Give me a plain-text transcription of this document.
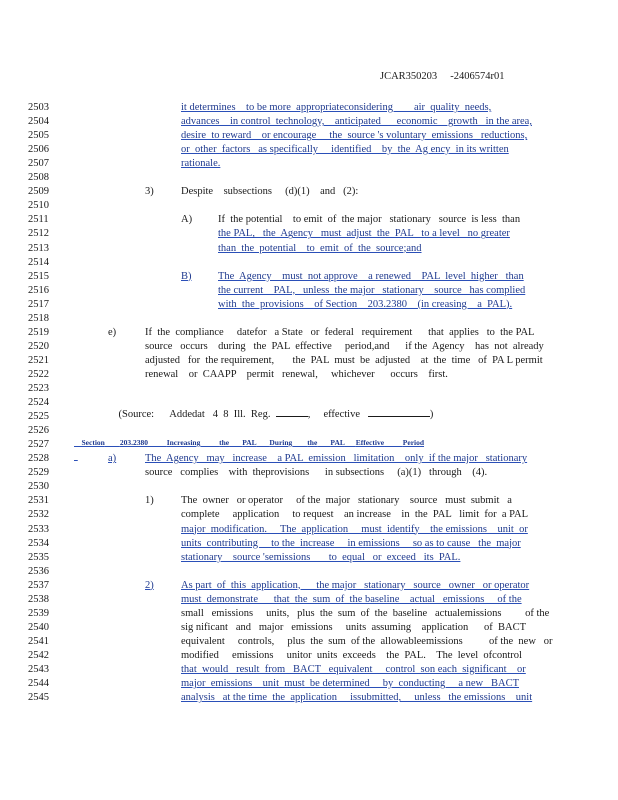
JCAR350203     -2406574r01
2503	it determines    to be more  appropriateconsidering        air  quality  needs,
2504	advances    in control  technology,    anticipated      economic    growth   in the area,
2505	desire  to reward    or encourage     the  source 's voluntary  emissions   reductions,
2506	or  other  factors   as specifically     identified    by  the  Ag ency  in its written
2507	rationale.
2508
2509	3)	Despite    subsections     (d)(1)    and   (2):
2510
2511	A) If  the potential    to emit  of  the major   stationary   source  is less  than
2512	the PAL,   the  Agency   must  adjust  the  PAL   to a level   no greater
2513	than  the  potential    to  emit  of  the  source;and
2514
2515	B)	The  Agency    must  not approve    a renewed    PAL  level  higher   than
2516	the current    PAL,   unless  the major   stationary    source   has complied
2517	with  the  provisions    of Section    203.2380    (in creasing    a  PAL).
2518
2519	e)	If  the  compliance     datefor   a State   or  federal   requirement      that  applies   to  the PAL
2520	source   occurs    during   the  PAL  effective     period,and      if the  Agency    has  not  already
2521	adjusted   for  the requirement,       the  PAL  must  be  adjusted    at  the  time   of  PA L permit
2522	renewal    or  CAAPP    permit   renewal,     whichever      occurs    first.
2523
2524
2525
2526
2527
2528	a)	The  Agency   may   increase    a PAL  emission   limitation    only  if the major   stationary
2529	source   complies    with  theprovisions      in subsections     (a)(1)   through    (4).
2530
2531	1)	The  owner   or operator     of the  major   stationary    source   must  submit   a
2532	complete     application     to request    an increase    in  the  PAL   limit  for  a PAL
2533	major  modification.     The  application     must  identify    the emissions    unit  or
2534	units  contributing     to the  increase     in emissions     so as to cause   the  major
2535	stationary    source 'semissions       to  equal   or  exceed   its  PAL.
2536
2537	2)	As part  of  this  application,      the major   stationary   source   owner   or operator
2538	must  demonstrate      that  the  sum  of  the baseline    actual   emissions     of the
2539	small   emissions     units,   plus  the  sum  of  the  baseline   actualemissions         of the
2540	sig nificant   and   major   emissions     units  assuming    application      of  BACT
2541	equivalent     controls,     plus  the  sum  of the  allowableemissions          of the  new   or
2542	modified     emissions     unitor  units  exceeds    the  PAL.    The  level  ofcontrol
2543	that  would   result  from   BACT   equivalent     control  son each  significant    or
2544	major  emissions    unit  must  be determined     by  conducting     a new   BACT
2545	analysis   at the time  the  application     issubmitted,     unless   the emissions    unit

(Source: Addedat   4  8  Ill.  Reg.	,     effective	)

Section 203.2380	Increasing	the PAL During the PAL Effective	Period
